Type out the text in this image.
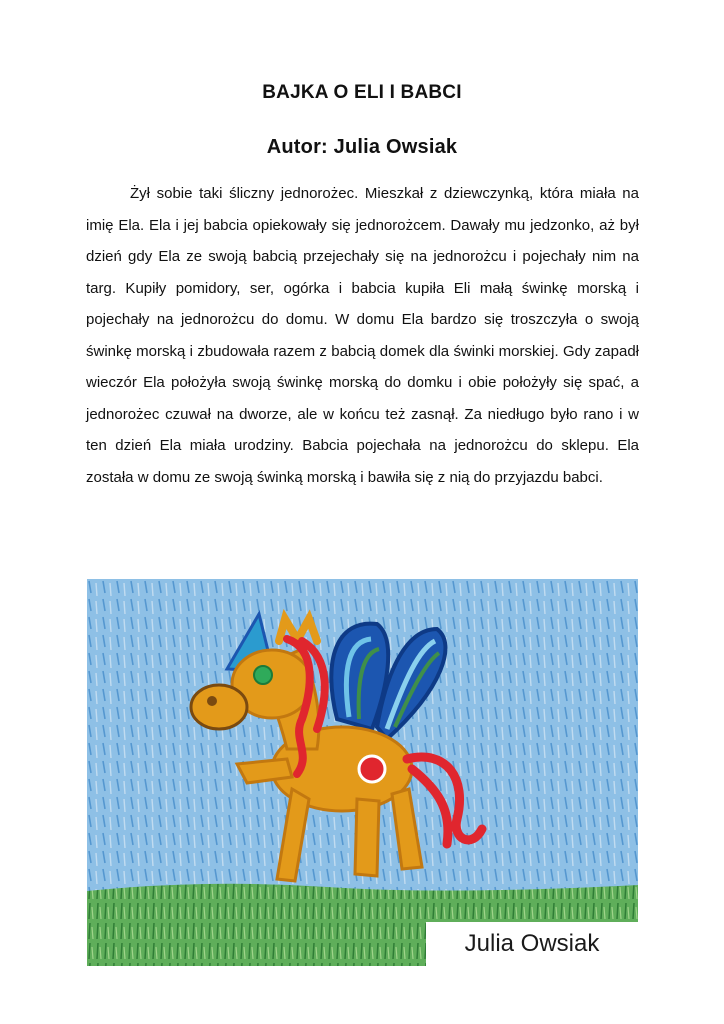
BAJKA O ELI I BABCI
Autor: Julia Owsiak

Żył sobie taki śliczny jednorożec. Mieszkał z dziewczynką, która miała na imię Ela. Ela i jej babcia opiekowały się jednorożcem. Dawały mu jedzonko, aż był dzień gdy Ela ze swoją babcią przejechały się na jednorożcu i pojechały nim na targ. Kupiły pomidory, ser, ogórka i babcia kupiła Eli małą świnkę morską i pojechały na jednorożcu do domu. W domu Ela bardzo się troszczyła o swoją świnkę morską i zbudowała razem z babcią domek dla świnki morskiej. Gdy zapadł wieczór Ela położyła swoją świnkę morską do domku i obie położyły się spać, a jednorożec czuwał na dworze, ale w końcu też zasnął. Za niedługo było rano i w ten dzień Ela miała urodziny. Babcia pojechała na jednorożcu do sklepu. Ela została w domu ze swoją świnką morską i bawiła się z nią do przyjazdu babci.

Julia Owsiak
